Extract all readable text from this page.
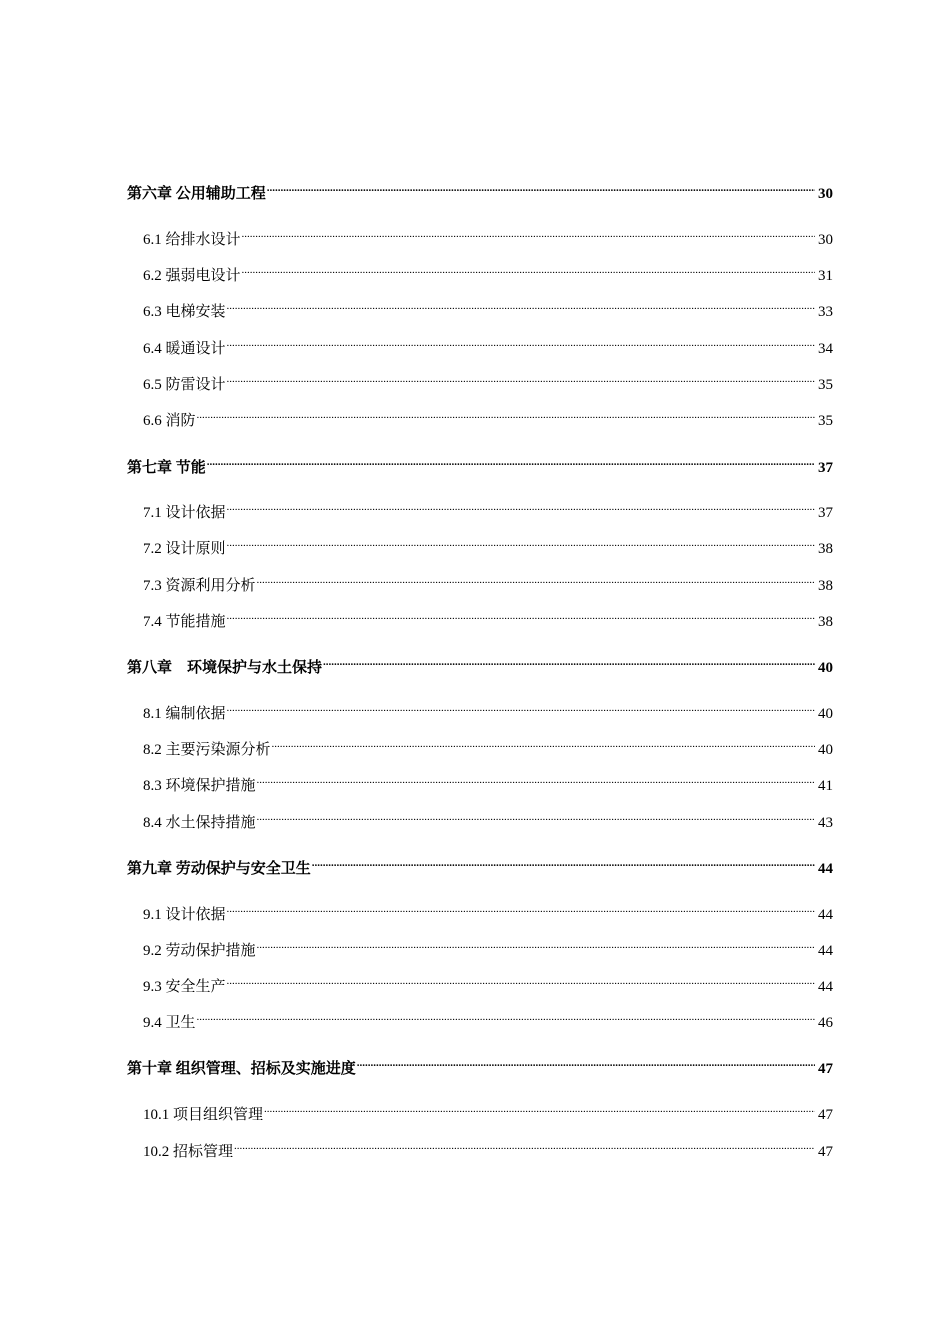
第六章 公用辅助工程 .....	30
6.1 给排水设计 .....	30
6.2 强弱电设计 .....	31
6.3 电梯安装 .....	33
6.4 暖通设计 .....	34
6.5 防雷设计 .....	35
6.6 消防 .....	35
第七章 节能 .....	37
7.1 设计依据 .....	37
7.2 设计原则 .....	38
7.3 资源利用分析 .....	38
7.4 节能措施 .....	38
第八章    环境保护与水土保持 .....	40
8.1 编制依据 .....	40
8.2 主要污染源分析 .....	40
8.3 环境保护措施 .....	41
8.4 水土保持措施 .....	43
第九章 劳动保护与安全卫生 .....	44
9.1 设计依据 .....	44
9.2 劳动保护措施 .....	44
9.3 安全生产 .....	44
9.4 卫生 .....	46
第十章 组织管理、招标及实施进度 .....	47
10.1 项目组织管理 .....	47
10.2 招标管理 .....	47
